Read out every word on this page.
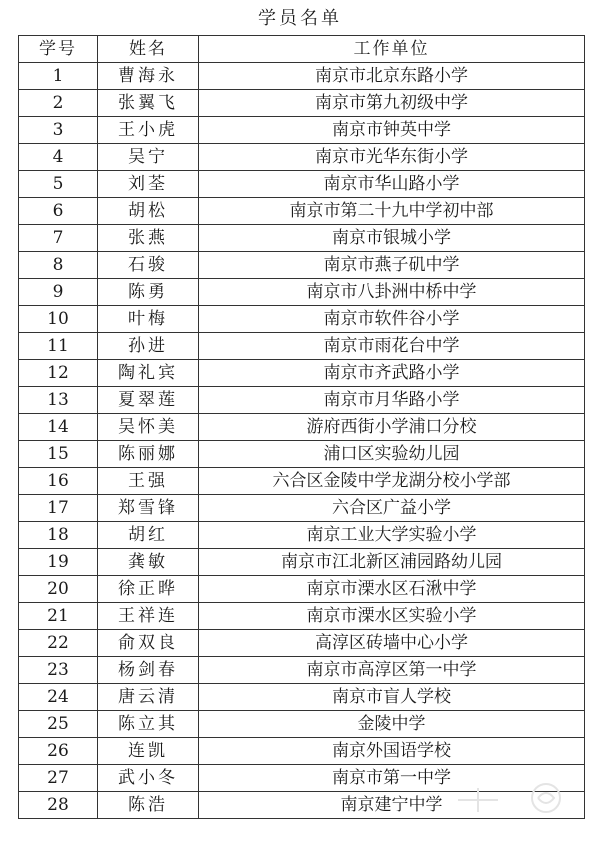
学员名单
学号	姓名	工作单位
1	曹海永	南京市北京东路小学
2	张翼飞	南京市第九初级中学
3	王小虎	南京市钟英中学
4	吴宁	南京市光华东街小学
5	刘荃	南京市华山路小学
6	胡松	南京市第二十九中学初中部
7	张燕	南京市银城小学
8	石骏	南京市燕子矶中学
9	陈勇	南京市八卦洲中桥中学
10	叶梅	南京市软件谷小学
11	孙进	南京市雨花台中学
12	陶礼宾	南京市齐武路小学
13	夏翠莲	南京市月华路小学
14	吴怀美	游府西街小学浦口分校
15	陈丽娜	浦口区实验幼儿园
16	王强	六合区金陵中学龙湖分校小学部
17	郑雪锋	六合区广益小学
18	胡红	南京工业大学实验小学
19	龚敏	南京市江北新区浦园路幼儿园
20	徐正晔	南京市溧水区石湫中学
21	王祥连	南京市溧水区实验小学
22	俞双良	高淳区砖墙中心小学
23	杨剑春	南京市高淳区第一中学
24	唐云清	南京市盲人学校
25	陈立其	金陵中学
26	连凯	南京外国语学校
27	武小冬	南京市第一中学
28	陈浩	南京建宁中学
